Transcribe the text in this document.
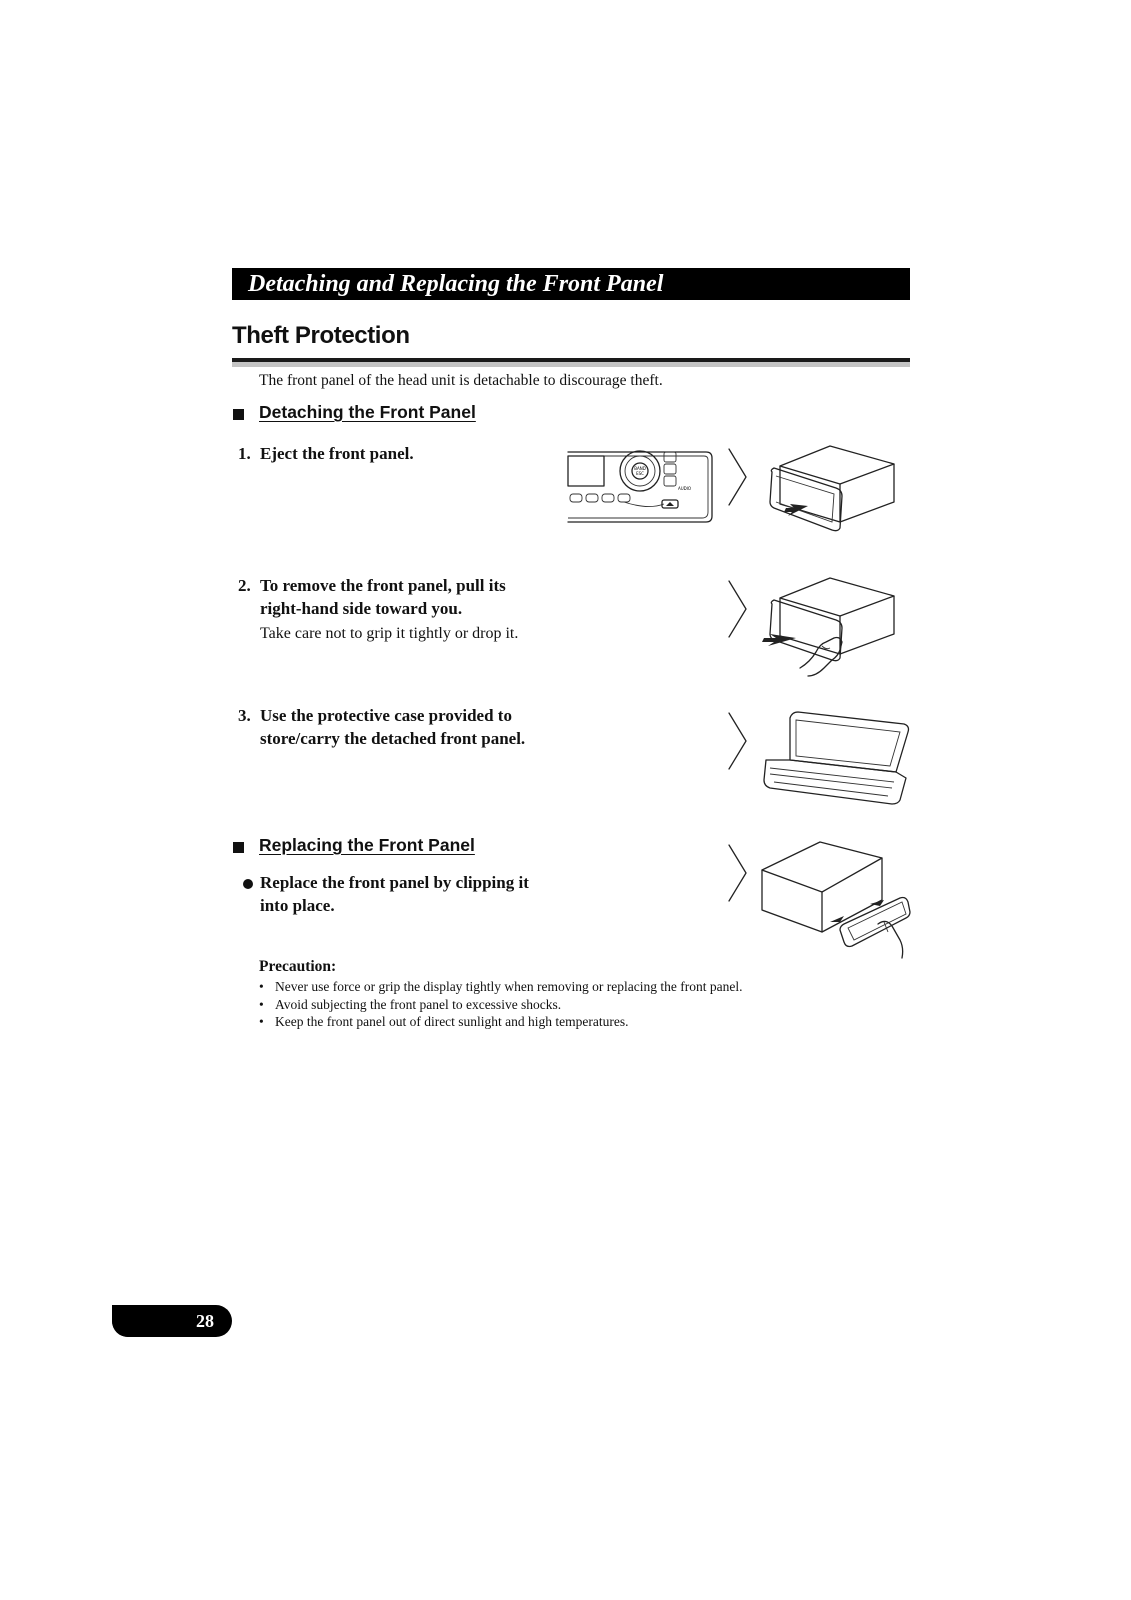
Detaching and Replacing the Front Panel
Theft Protection
The front panel of the head unit is detachable to discourage theft.
Detaching the Front Panel
1. Eject the front panel.
2. To remove the front panel, pull its
right-hand side toward you.
Take care not to grip it tightly or drop it.
3. Use the protective case provided to
store/carry the detached front panel.
Replacing the Front Panel
Replace the front panel by clipping it
into place.
Precaution:
• Never use force or grip the display tightly when removing or replacing the front panel.
• Avoid subjecting the front panel to excessive shocks.
• Keep the front panel out of direct sunlight and high temperatures.
BAND
ESC
AUDIO
28
